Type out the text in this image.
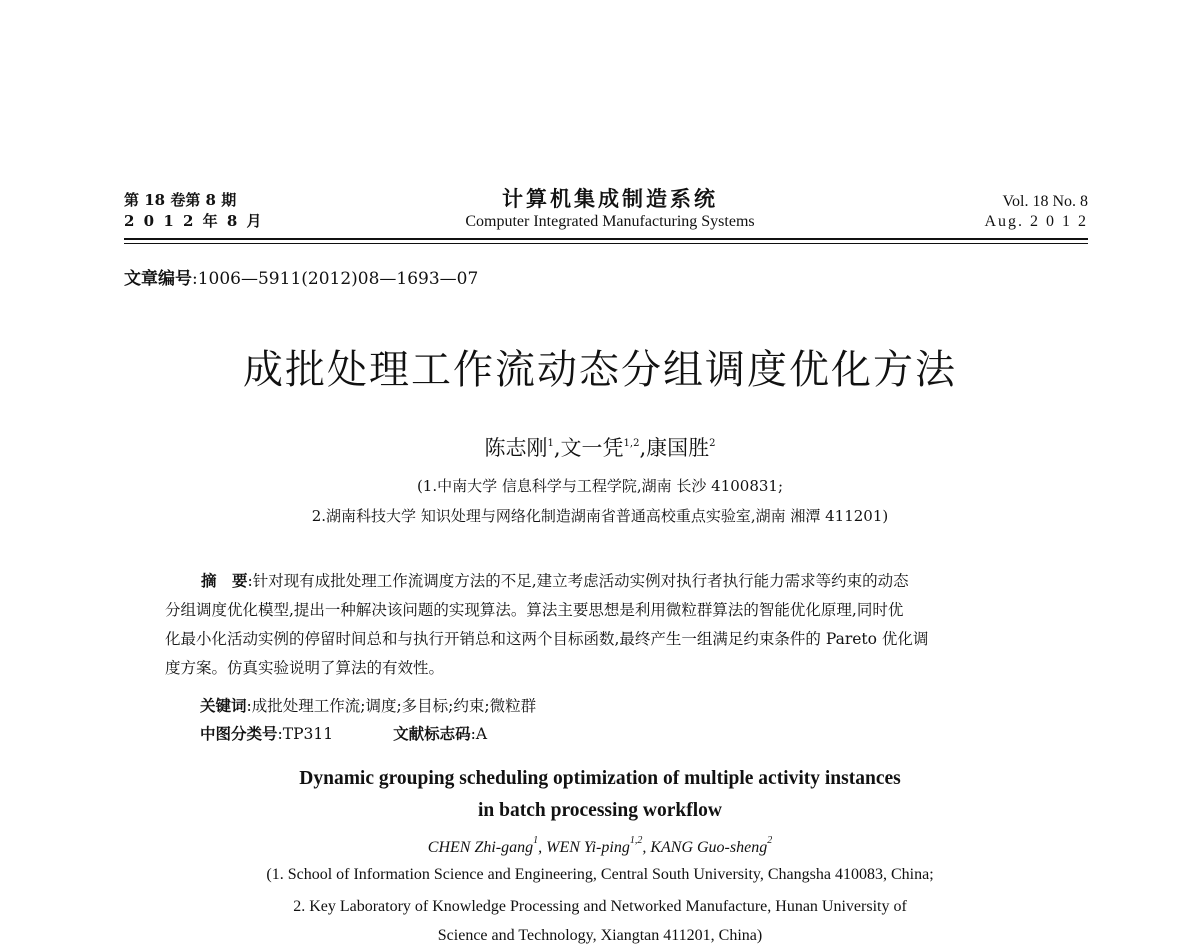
第 18 卷第 8 期
2 0 1 2 年 8 月
计算机集成制造系统
Computer Integrated Manufacturing Systems
Vol. 18 No. 8
Aug. 2 0 1 2
文章编号:1006—5911(2012)08—1693—07
成批处理工作流动态分组调度优化方法
陈志刚$^1$,文一凭$^{1,2}$,康国胜$^2$
(1.中南大学 信息科学与工程学院,湖南 长沙 4100831;
2.湖南科技大学 知识处理与网络化制造湖南省普通高校重点实验室,湖南 湘潭 411201)
摘　要:针对现有成批处理工作流调度方法的不足,建立考虑活动实例对执行者执行能力需求等约束的动态
分组调度优化模型,提出一种解决该问题的实现算法。算法主要思想是利用微粒群算法的智能优化原理,同时优
化最小化活动实例的停留时间总和与执行开销总和这两个目标函数,最终产生一组满足约束条件的 Pareto 优化调
度方案。仿真实验说明了算法的有效性。
关键词:成批处理工作流;调度;多目标;约束;微粒群
中图分类号:TP311	文献标志码:A
Dynamic grouping scheduling optimization of multiple activity instances
in batch processing workflow
CHEN Zhi-gang$^1$, WEN Yi-ping$^{1,2}$, KANG Guo-sheng$^2$
(1. School of Information Science and Engineering, Central South University, Changsha 410083, China;
2. Key Laboratory of Knowledge Processing and Networked Manufacture, Hunan University of
Science and Technology, Xiangtan 411201, China)
